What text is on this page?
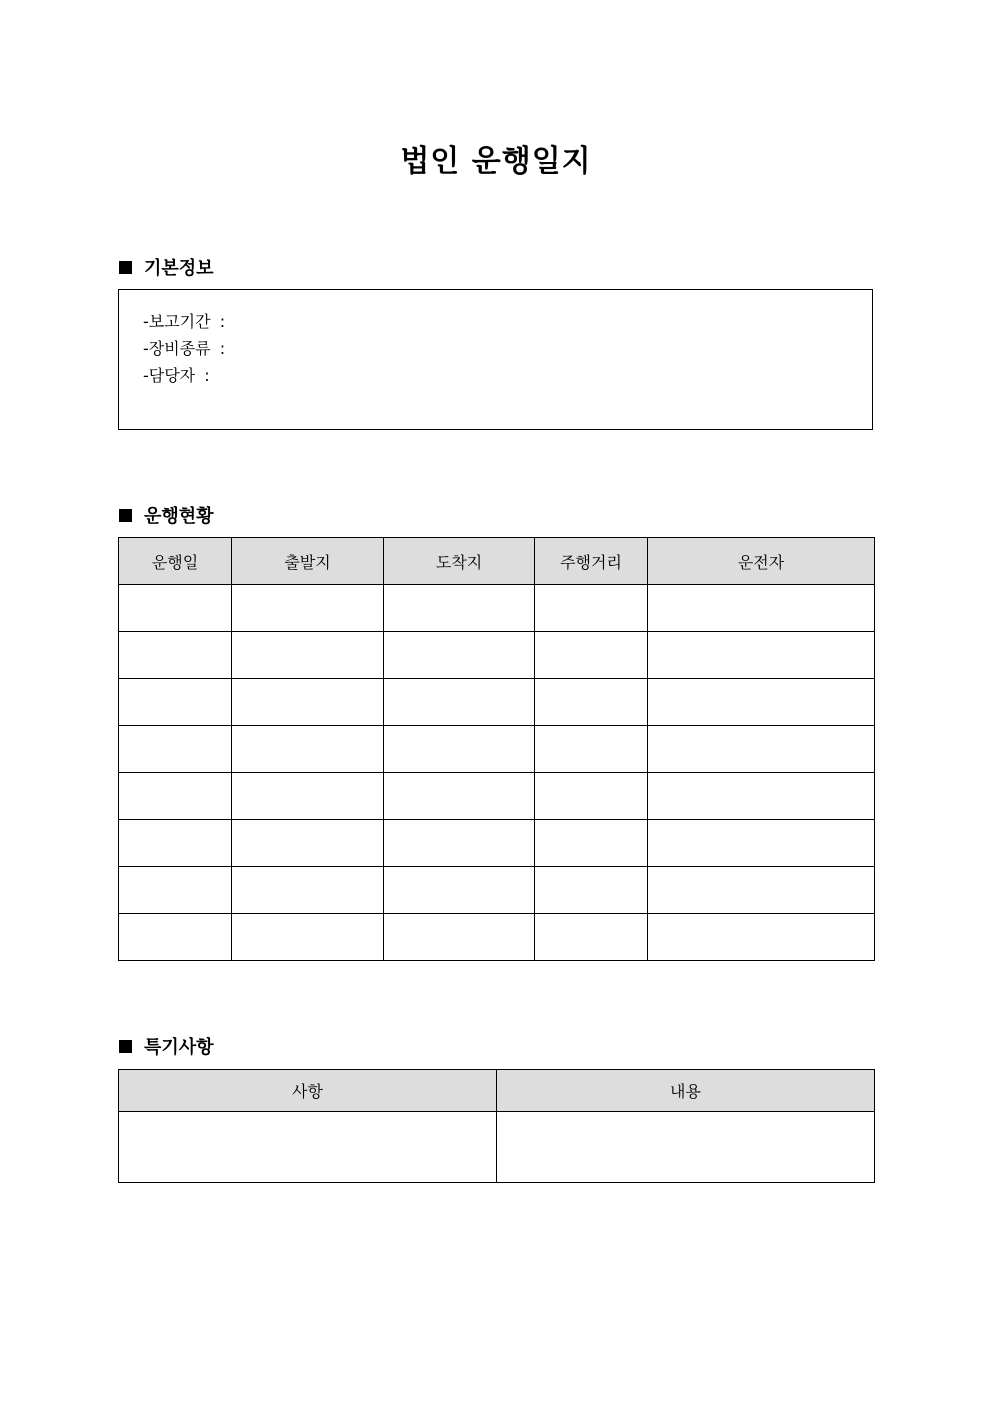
법인 운행일지
기본정보
-보고기간 :
-장비종류 :
-담당자 :
운행현황
운행일	출발지	도착지	주행거리	운전자

특기사항
사항	내용
